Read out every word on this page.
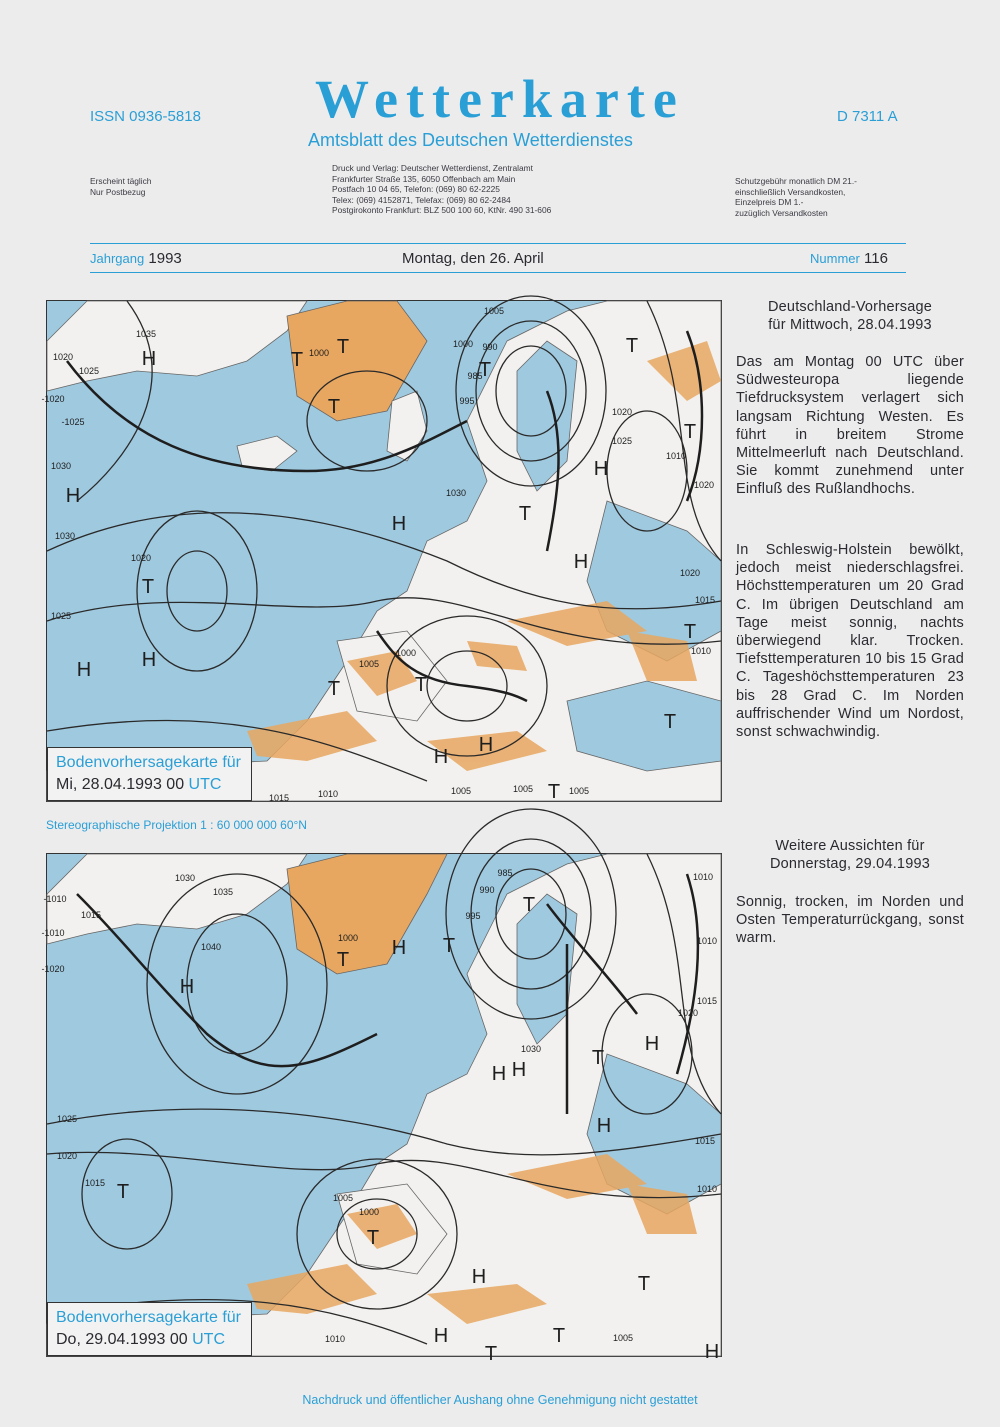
ISSN 0936-5818 Wetterkarte
Amtsblatt des Deutschen Wetterdienstes
D 7311 A
Erscheint täglich
Nur Postbezug
Druck und Verlag: Deutscher Wetterdienst, Zentralamt
Frankfurter Straße 135, 6050 Offenbach am Main
Postfach 10 04 65, Telefon: (069) 80 62-2225
Telex: (069) 4152871, Telefax: (069) 80 62-2484
Postgirokonto Frankfurt: BLZ 500 100 60, KtNr. 490 31-606
Schutzgebühr monatlich DM 21.-
einschließlich Versandkosten,
Einzelpreis DM 1.-
zuzüglich Versandkosten
Jahrgang 1993	Montag, den 26. April	Nummer 116
H	T
T
T
T
T
T
H
H
H	T
H
T
H	H
T	T
T
T
H
H
T
1035
1020
1025
-1020
-1025
1000
1000 990
985
995
1005
1020
1025
1010
1020
1030
1030
1030
1020
1020
1015
1025
1010
1005
1000
1015	1010	1005	1005	1005
Bodenvorhersagekarte für
Mi, 28.04.1993 00 UTC
Stereographische Projektion 1 : 60 000 000 60°N
H
T
H T
T
H H
T
H
H
T
T
H	T
H
T
T
H
1030
1035
-1010
1015
-1010
1040
-1020
1000
995
990
985	1010
1010
1015
1020
1030
1025
1015
1020
1015
1010
1005
1000
1010	1005
Bodenvorhersagekarte für
Do, 29.04.1993 00 UTC
Deutschland-Vorhersage
für Mittwoch, 28.04.1993
Das am Montag 00 UTC über Südwesteuropa liegende Tiefdrucksystem verlagert sich langsam Richtung Westen. Es führt in breitem Strome Mittelmeerluft nach Deutschland. Sie kommt zunehmend unter Einfluß des Rußlandhochs.
In Schleswig-Holstein bewölkt, jedoch meist niederschlagsfrei. Höchsttemperaturen um 20 Grad C. Im übrigen Deutschland am Tage meist sonnig, nachts überwiegend klar. Trocken. Tiefsttemperaturen 10 bis 15 Grad C. Tageshöchsttemperaturen 23 bis 28 Grad C. Im Norden auffrischender Wind um Nordost, sonst schwachwindig.
Weitere Aussichten für
Donnerstag, 29.04.1993
Sonnig, trocken, im Norden und Osten Temperaturrückgang, sonst warm.
Nachdruck und öffentlicher Aushang ohne Genehmigung nicht gestattet
